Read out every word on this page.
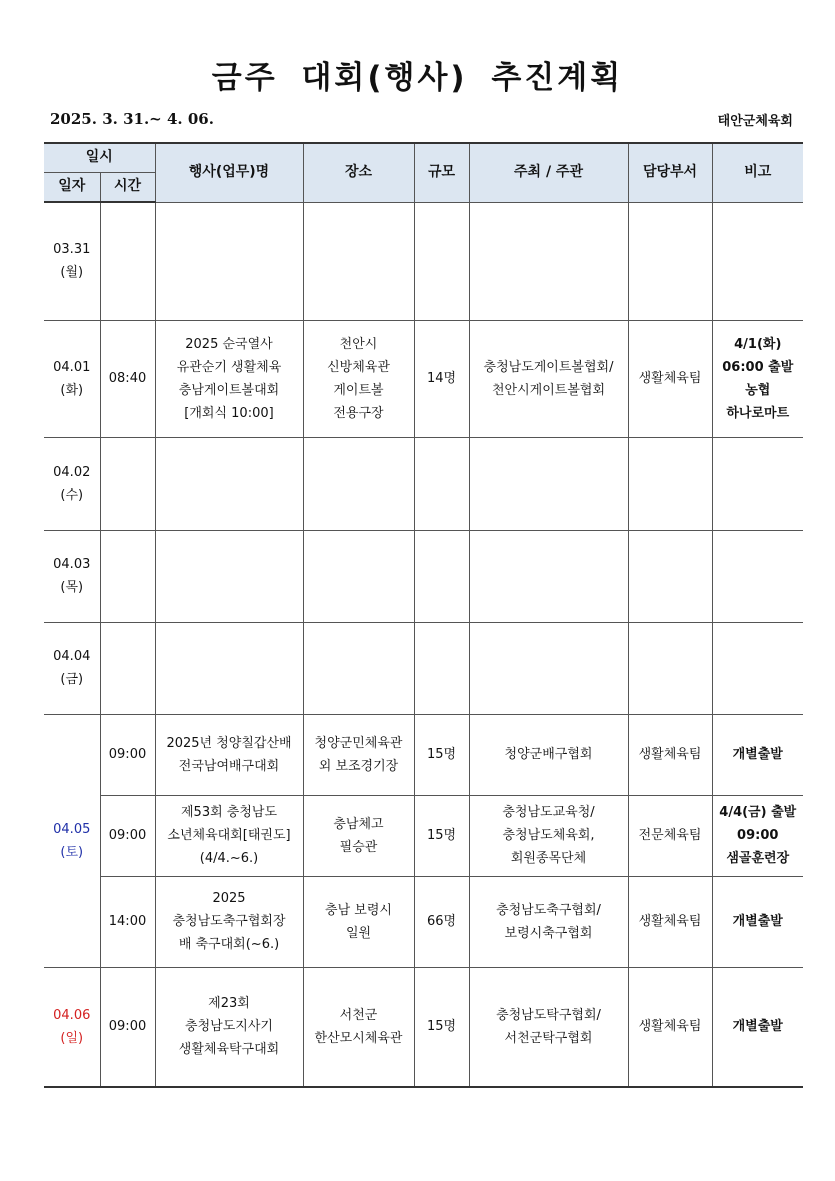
금주 대회(행사) 추진계획
2025. 3. 31.~ 4. 06.	태안군체육회
일시		행사(업무)명	장소	규모	주최 / 주관	담당부서	비고
일자	시간						

03.31
(월)							

04.01
(화)	08:40	2025 순국열사
유관순기 생활체육
충남게이트볼대회
[개회식 10:00]	천안시
신방체육관
게이트볼
전용구장	14명	충청남도게이트볼협회/
천안시게이트볼협회	생활체육팀	4/1(화)
06:00 출발
농협
하나로마트

04.02
(수)							

04.03
(목)							

04.04
(금)							

04.05
(토)	09:00	2025년 청양칠갑산배
전국남여배구대회	청양군민체육관
외 보조경기장	15명	청양군배구협회	생활체육팀	개별출발

	09:00	제53회 충청남도
소년체육대회[태권도]
(4/4.~6.)	충남체고
필승관	15명	충청남도교육청/
충청남도체육회,
회원종목단체	전문체육팀	4/4(금) 출발
09:00
샘골훈련장

	14:00	2025
충청남도축구협회장
배 축구대회(~6.)	충남 보령시
일원	66명	충청남도축구협회/
보령시축구협회	생활체육팀	개별출발

04.06
(일)	09:00	제23회
충청남도지사기
생활체육탁구대회	서천군
한산모시체육관	15명	충청남도탁구협회/
서천군탁구협회	생활체육팀	개별출발
